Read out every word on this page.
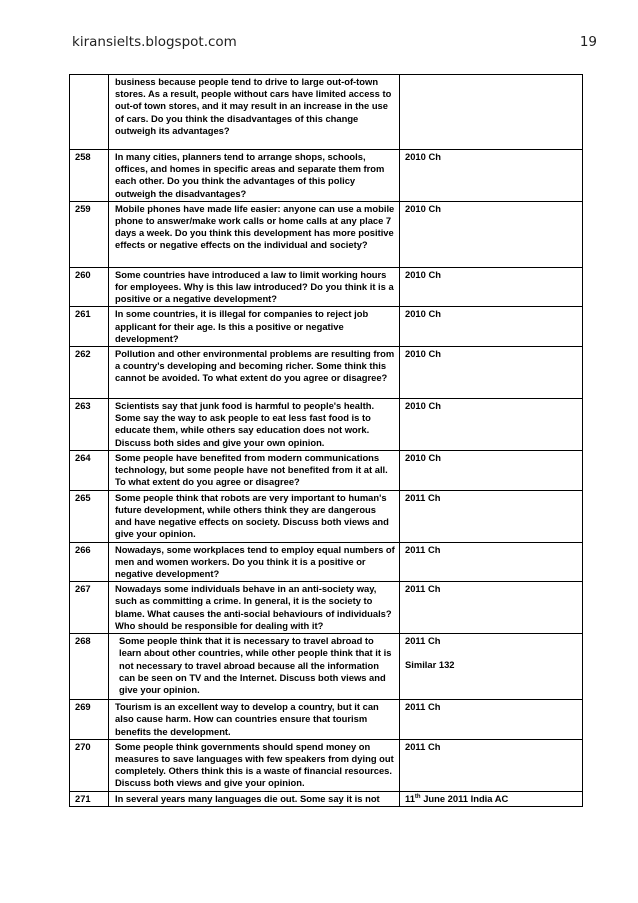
kiransielts.blogspot.com	19
	business because people tend to drive to large out-of-town stores. As a result, people without cars have limited access to out-of town stores, and it may result in an increase in the use of cars. Do you think the disadvantages of this change outweigh its advantages?	
258	In many cities, planners tend to arrange shops, schools, offices, and homes in specific areas and separate them from each other. Do you think the advantages of this policy outweigh the disadvantages?	2010 Ch
259	Mobile phones have made life easier: anyone can use a mobile phone to answer/make work calls or home calls at any place 7 days a week. Do you think this development has more positive effects or negative effects on the individual and society?	2010 Ch
260	Some countries have introduced a law to limit working hours for employees. Why is this law introduced? Do you think it is a positive or a negative development?	2010 Ch
261	In some countries, it is illegal for companies to reject job applicant for their age. Is this a positive or negative development?	2010 Ch
262	Pollution and other environmental problems are resulting from a country's developing and becoming richer. Some think this cannot be avoided. To what extent do you agree or disagree?	2010 Ch
263	Scientists say that junk food is harmful to people's health. Some say the way to ask people to eat less fast food is to educate them, while others say education does not work. Discuss both sides and give your own opinion.	2010 Ch
264	Some people have benefited from modern communications technology, but some people have not benefited from it at all. To what extent do you agree or disagree?	2010 Ch
265	Some people think that robots are very important to human's future development, while others think they are dangerous and have negative effects on society. Discuss both views and give your opinion.	2011 Ch
266	Nowadays, some workplaces tend to employ equal numbers of men and women workers. Do you think it is a positive or negative development?	2011 Ch
267	Nowadays some individuals behave in an anti-society way, such as committing a crime. In general, it is the society to blame. What causes the anti-social behaviours of individuals? Who should be responsible for dealing with it?	2011 Ch
268	Some people think that it is necessary to travel abroad to learn about other countries, while other people think that it is not necessary to travel abroad because all the information can be seen on TV and the Internet. Discuss both views and give your opinion.	2011 Ch
Similar 132

269	Tourism is an excellent way to develop a country, but it can also cause harm. How can countries ensure that tourism benefits the development.	2011 Ch
270	Some people think governments should spend money on measures to save languages with few speakers from dying out completely. Others think this is a waste of financial resources. Discuss both views and give your opinion.	2011 Ch
271	In several years many languages die out. Some say it is not	11th June 2011 India AC
